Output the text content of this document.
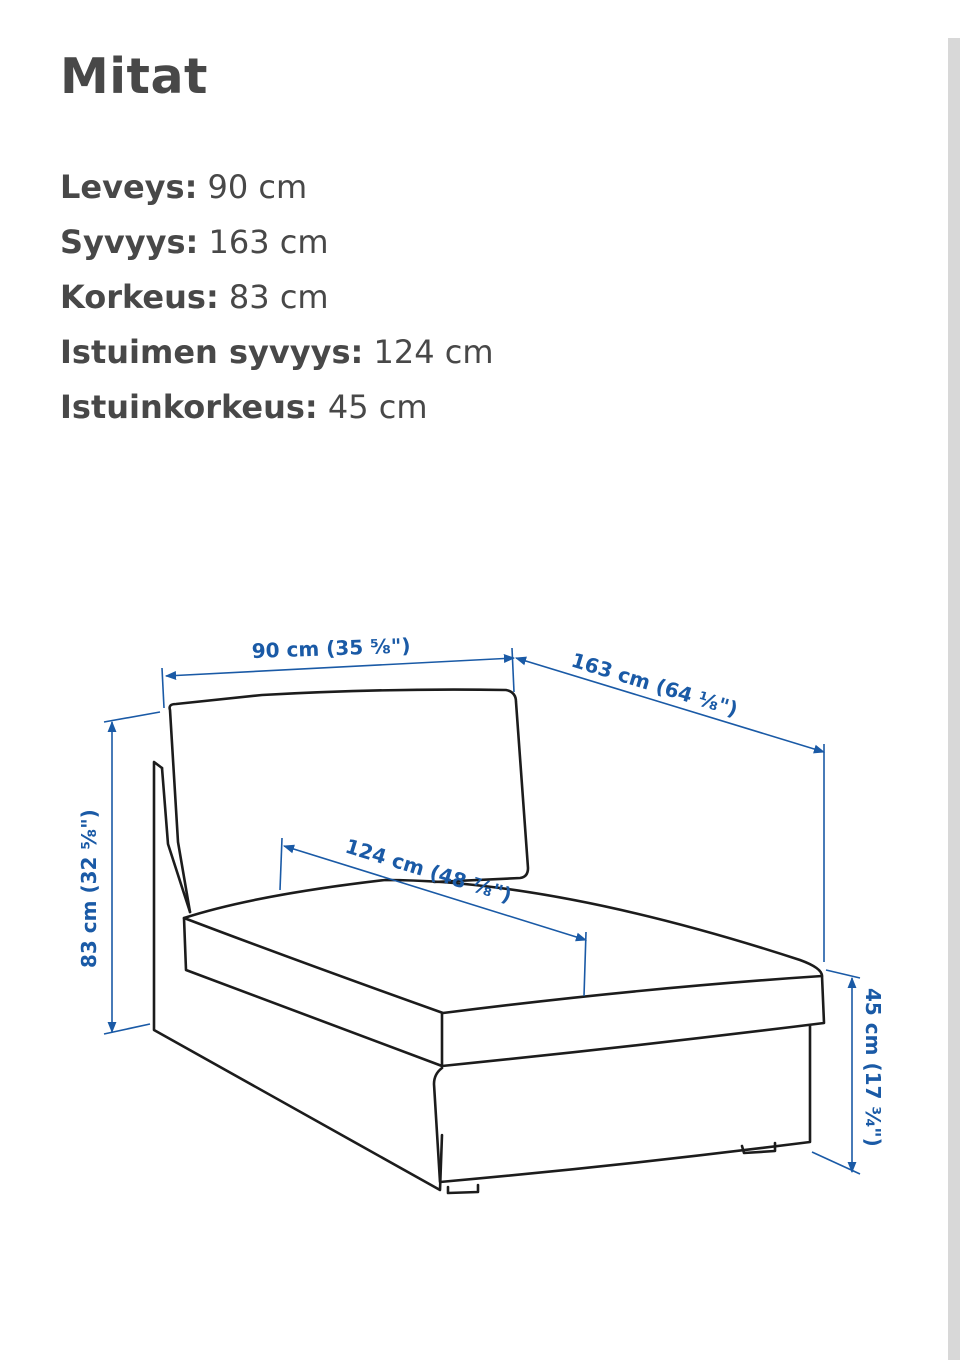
Mitat
Leveys: 90 cm
Syvyys: 163 cm
Korkeus: 83 cm
Istuimen syvyys: 124 cm
Istuinkorkeus: 45 cm
90 cm (35 ⁵⁄₈")	163 cm (64 ¹⁄₈")
124 cm (48 ⁷⁄₈")
83 cm (32 ⁵⁄₈")
45 cm (17 ³⁄₄")
